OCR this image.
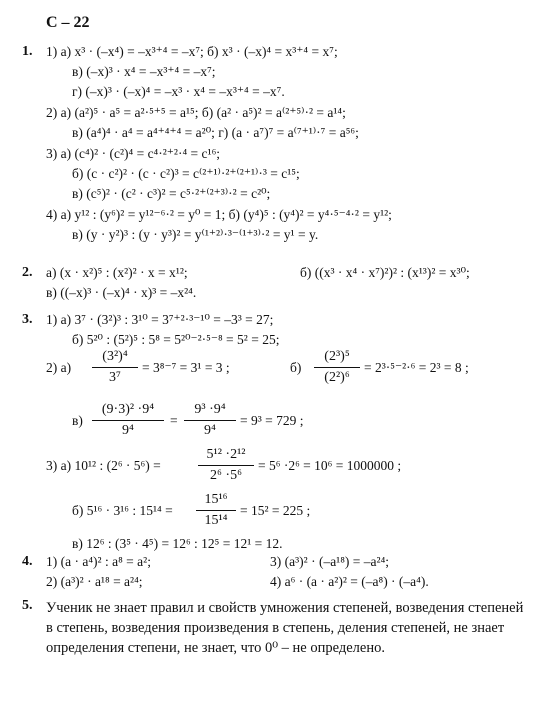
С – 22
1.
2.
3.
4.
5.
1) а) x³ · (–x⁴) = –x³⁺⁴ = –x⁷; б) x³ · (–x)⁴ = x³⁺⁴ = x⁷;
в) (–x)³ · x⁴ = –x³⁺⁴ = –x⁷;
г) (–x)³ · (–x)⁴ = –x³ · x⁴ = –x³⁺⁴ = –x⁷.
2) а) (a²)⁵ · a⁵ = a²·⁵⁺⁵ = a¹⁵; б) (a² · a⁵)² = a⁽²⁺⁵⁾·² = a¹⁴;
в) (a⁴)⁴ · a⁴ = a⁴⁺⁴⁺⁴ = a²⁰; г) (a · a⁷)⁷ = a⁽⁷⁺¹⁾·⁷ = a⁵⁶;
3) а) (c⁴)² · (c²)⁴ = c⁴·²⁺²·⁴ = c¹⁶;
б) (c · c²)² · (c · c²)³ = c⁽²⁺¹⁾·²⁺⁽²⁺¹⁾·³ = c¹⁵;
в) (c⁵)² · (c² · c³)² = c⁵·²⁺⁽²⁺³⁾·² = c²⁰;
4) а) y¹² : (y⁶)² = y¹²⁻⁶·² = y⁰ = 1; б) (y⁴)⁵ : (y⁴)² = y⁴·⁵⁻⁴·² = y¹²;
в) (y · y²)³ : (y · y³)² = y⁽¹⁺²⁾·³⁻⁽¹⁺³⁾·² = y¹ = y.
а) (x · x²)⁵ : (x²)² · x = x¹²;	б) ((x³ · x⁴ · x⁷)²)² : (x¹³)² = x³⁰;
в) ((–x)³ · (–x)⁴ · x)³ = –x²⁴.
1) а) 3⁷ · (3²)³ : 3¹⁰ = 3⁷⁺²·³⁻¹⁰ = –3³ = 27;
б) 5²⁰ : (5²)⁵ : 5⁸ = 5²⁰⁻²·⁵⁻⁸ = 5² = 25;
2) а)
(3²)⁴
3⁷
= 3⁸⁻⁷ = 3¹ = 3 ;	б)
(2³)⁵
(2²)⁶
= 2³·⁵⁻²·⁶ = 2³ = 8 ;
в)
(9·3)² ·9⁴
9⁴
=
9³ ·9⁴
9⁴
= 9³ = 729 ;
3) а) 10¹² : (2⁶ · 5⁶) =
5¹² ·2¹²
2⁶ ·5⁶
= 5⁶ ·2⁶ = 10⁶ = 1000000 ;
б) 5¹⁶ · 3¹⁶ : 15¹⁴ =
15¹⁶
15¹⁴
= 15² = 225 ;
в) 12⁶ : (3⁵ · 4⁵) = 12⁶ : 12⁵ = 12¹ = 12.
1) (a · a⁴)² : a⁸ = a²;	3) (a³)² · (–a¹⁸) = –a²⁴;
2) (a³)² · a¹⁸ = a²⁴;	4) a⁶ · (a · a²)² = (–a⁸) · (–a⁴).
Ученик не знает правил и свойств умножения степеней, возведения степеней в степень, возведения произведения в степень, деления степеней, не знает определения степени, не знает, что 0⁰ – не определено.
